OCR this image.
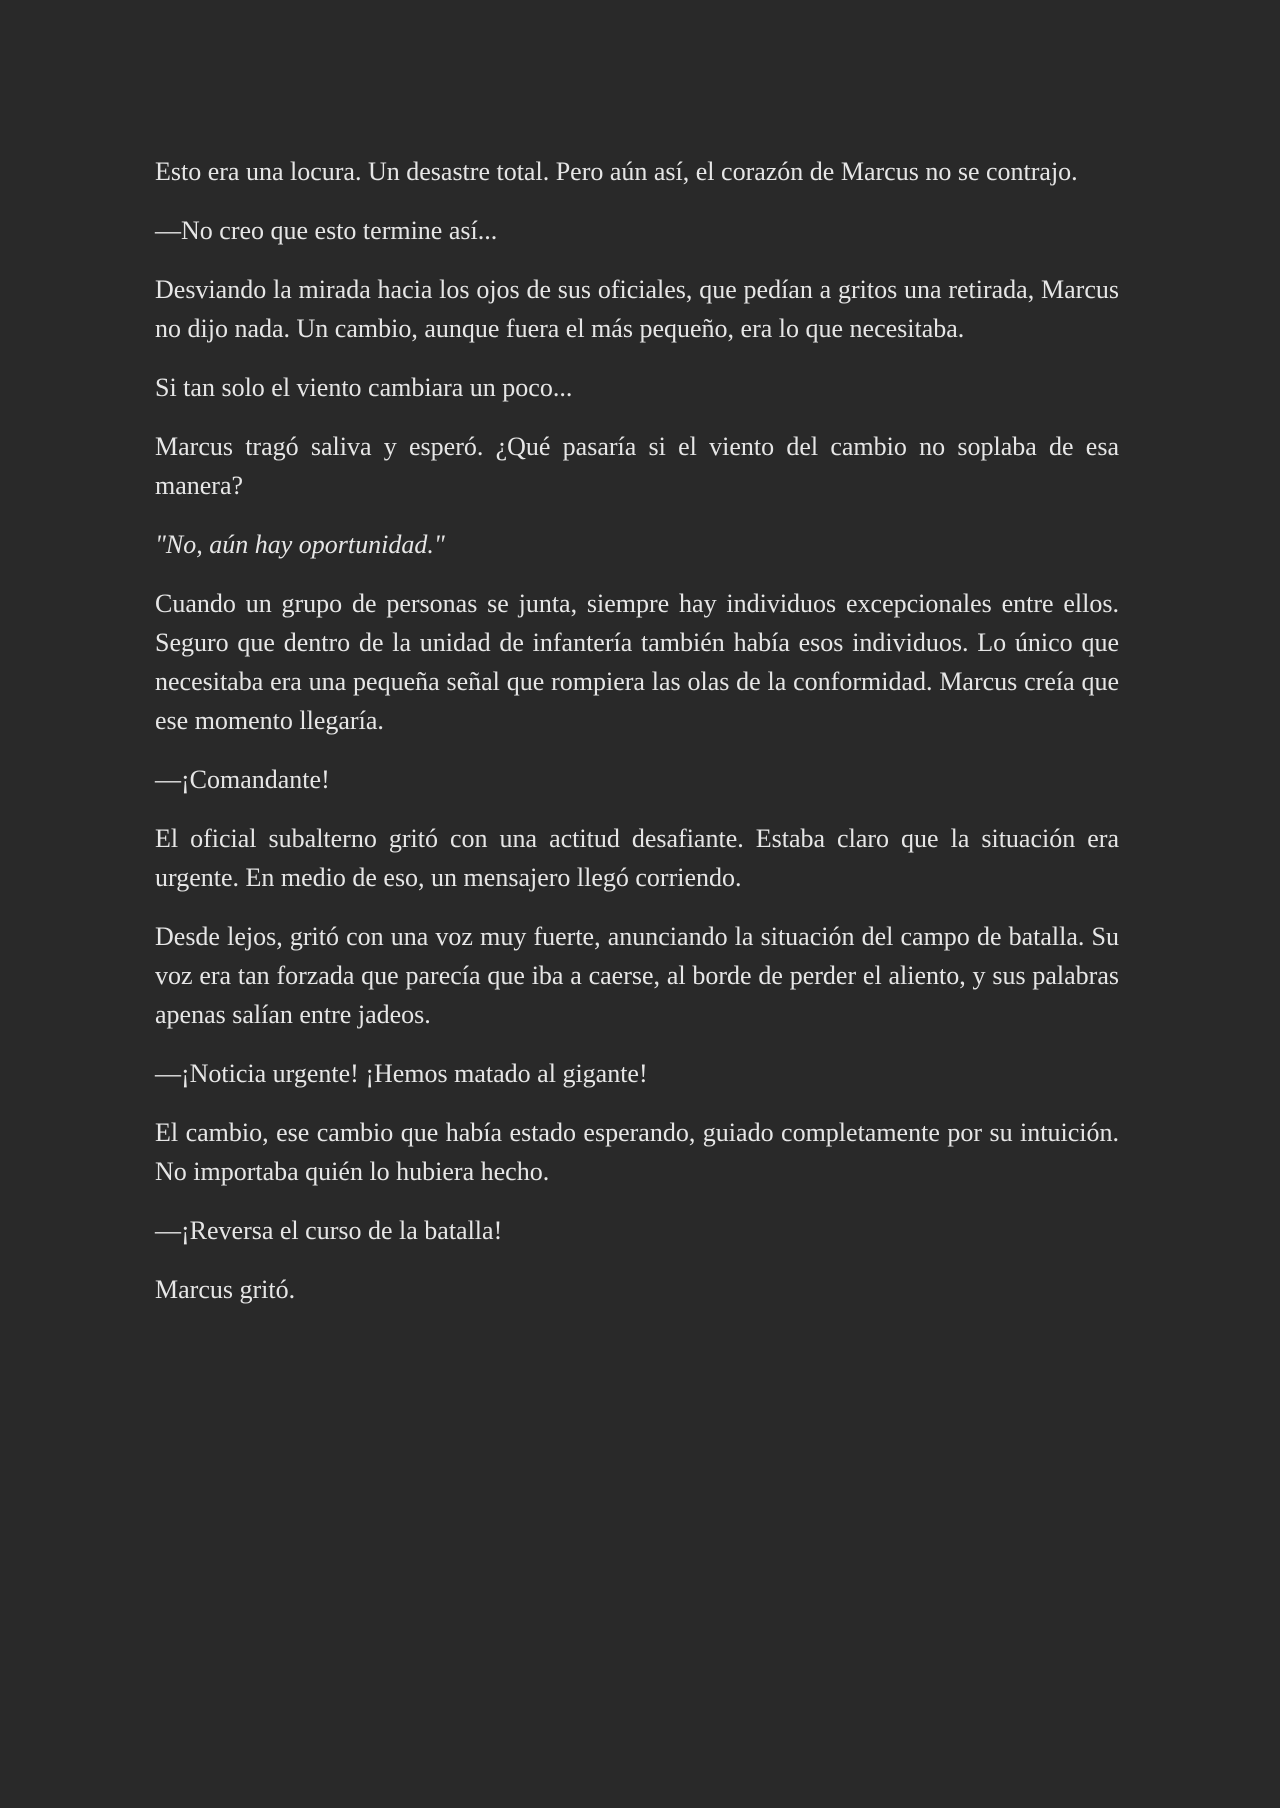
Esto era una locura. Un desastre total. Pero aún así, el corazón de Marcus no se contrajo.

—No creo que esto termine así...

Desviando la mirada hacia los ojos de sus oficiales, que pedían a gritos una retirada, Marcus no dijo nada. Un cambio, aunque fuera el más pequeño, era lo que necesitaba.

Si tan solo el viento cambiara un poco...

Marcus tragó saliva y esperó. ¿Qué pasaría si el viento del cambio no soplaba de esa manera?

"No, aún hay oportunidad."

Cuando un grupo de personas se junta, siempre hay individuos excepcionales entre ellos. Seguro que dentro de la unidad de infantería también había esos individuos. Lo único que necesitaba era una pequeña señal que rompiera las olas de la conformidad. Marcus creía que ese momento llegaría.

—¡Comandante!

El oficial subalterno gritó con una actitud desafiante. Estaba claro que la situación era urgente. En medio de eso, un mensajero llegó corriendo.

Desde lejos, gritó con una voz muy fuerte, anunciando la situación del campo de batalla. Su voz era tan forzada que parecía que iba a caerse, al borde de perder el aliento, y sus palabras apenas salían entre jadeos.

—¡Noticia urgente! ¡Hemos matado al gigante!

El cambio, ese cambio que había estado esperando, guiado completamente por su intuición. No importaba quién lo hubiera hecho.

—¡Reversa el curso de la batalla!

Marcus gritó.
